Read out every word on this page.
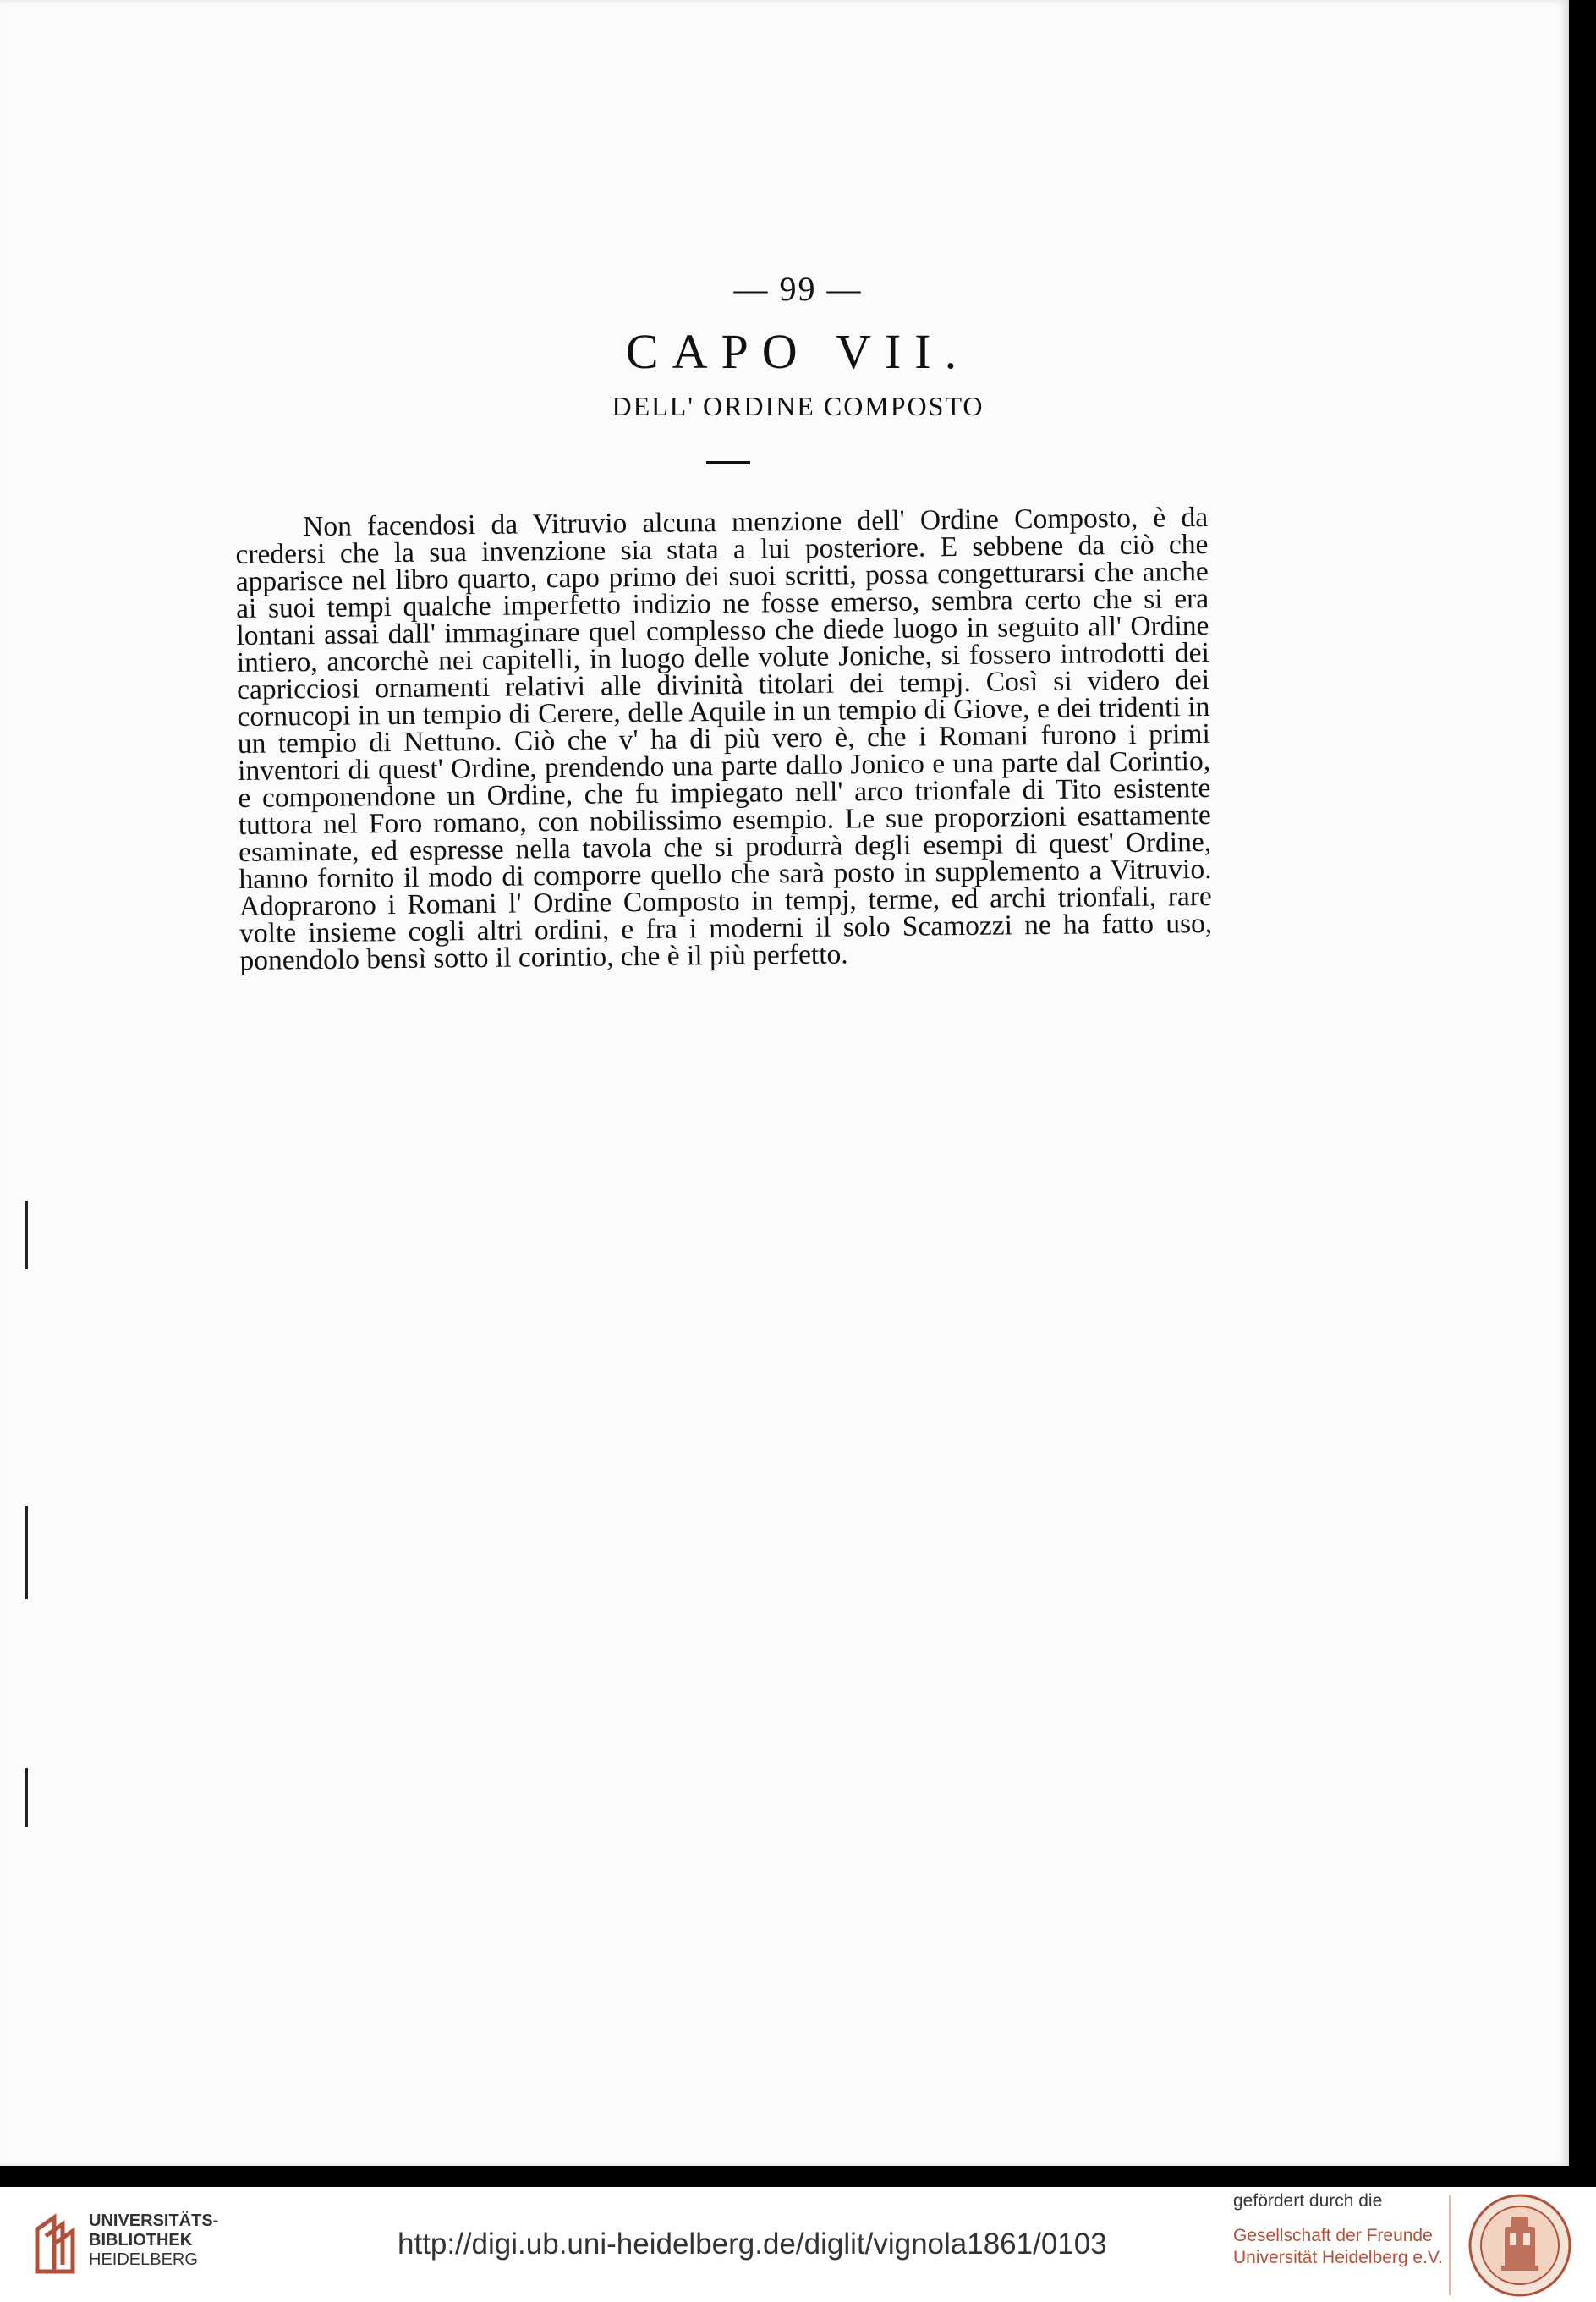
— 99 —
CAPO VII.
DELL' ORDINE COMPOSTO

Non facendosi da Vitruvio alcuna menzione dell' Ordine Composto, è da credersi che la sua invenzione sia stata a lui posteriore. E sebbene da ciò che apparisce nel libro quarto, capo primo dei suoi scritti, possa congetturarsi che anche ai suoi tempi qualche imperfetto indizio ne fosse emerso, sembra certo che si era lontani assai dall' immaginare quel complesso che diede luogo in seguito all' Ordine intiero, ancorchè nei capitelli, in luogo delle volute Joniche, si fossero introdotti dei capricciosi ornamenti relativi alle divinità titolari dei tempj. Così si videro dei cornucopi in un tempio di Cerere, delle Aquile in un tempio di Giove, e dei tridenti in un tempio di Nettuno. Ciò che v' ha di più vero è, che i Romani furono i primi inventori di quest' Ordine, prendendo una parte dallo Jonico e una parte dal Corintio, e componendone un Ordine, che fu impiegato nell' arco trionfale di Tito esistente tuttora nel Foro romano, con nobilissimo esempio. Le sue proporzioni esattamente esaminate, ed espresse nella tavola che si produrrà degli esempi di quest' Ordine, hanno fornito il modo di comporre quello che sarà posto in supplemento a Vitruvio. Adoprarono i Romani l' Ordine Composto in tempj, terme, ed archi trionfali, rare volte insieme cogli altri ordini, e fra i moderni il solo Scamozzi ne ha fatto uso, ponendolo bensì sotto il corintio, che è il più perfetto.

UNIVERSITÄTS-
BIBLIOTHEK
HEIDELBERG	http://digi.ub.uni-heidelberg.de/diglit/vignola1861/0103
gefördert durch die
Gesellschaft der Freunde
Universität Heidelberg e.V.
